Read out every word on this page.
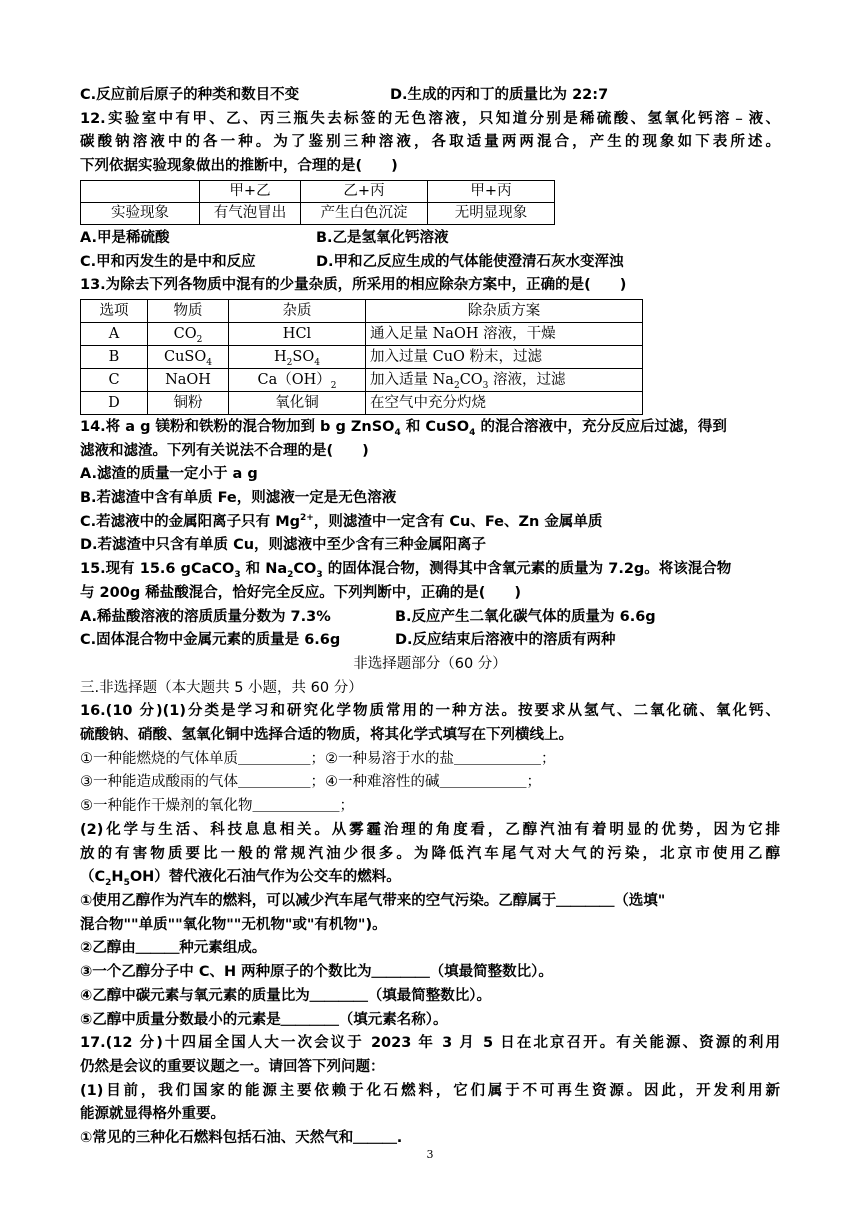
C.反应前后原子的种类和数目不变	D.生成的丙和丁的质量比为 22:7
12.实验室中有甲、乙、丙三瓶失去标签的无色溶液，只知道分别是稀硫酸、氢氧化钙溶﹣液、
碳酸钠溶液中的各一种。为了鉴别三种溶液，各取适量两两混合，产生的现象如下表所述。
下列依据实验现象做出的推断中，合理的是(　　)
	甲+乙	乙+丙	甲+丙
实验现象	有气泡冒出	产生白色沉淀	无明显现象
A.甲是稀硫酸	B.乙是氢氧化钙溶液
C.甲和丙发生的是中和反应	D.甲和乙反应生成的气体能使澄清石灰水变浑浊
13.为除去下列各物质中混有的少量杂质，所采用的相应除杂方案中，正确的是(　　)
选项	物质	杂质	除杂质方案
A	$CO_2$	HCl	通入足量 NaOH 溶液，干燥
B	CuSO$_4$	$H_2SO_4$	加入过量 CuO 粉末，过滤
C	NaOH	$Ca(OH)_2$	加入适量 $Na_2CO_3$ 溶液，过滤
D	铜粉	氧化铜	在空气中充分灼烧
14.将 a g 镁粉和铁粉的混合物加到 b g ZnSO$_4$ 和 CuSO$_4$ 的混合溶液中，充分反应后过滤，得到
滤液和滤渣。下列有关说法不合理的是(　　)
A.滤渣的质量一定小于 a g
B.若滤渣中含有单质 Fe，则滤液一定是无色溶液
C.若滤液中的金属阳离子只有 $Mg^{2+}$，则滤渣中一定含有 Cu、Fe、Zn 金属单质
D.若滤渣中只含有单质 Cu，则滤液中至少含有三种金属阳离子
15.现有 15.6 gCaCO$_3$ 和 $Na_2CO_3$ 的固体混合物，测得其中含氧元素的质量为 7.2g。将该混合物
与 200g 稀盐酸混合，恰好完全反应。下列判断中，正确的是(　　)
A.稀盐酸溶液的溶质质量分数为 7.3%	B.反应产生二氧化碳气体的质量为 6.6g
C.固体混合物中金属元素的质量是 6.6g	D.反应结束后溶液中的溶质有两种
非选择题部分（60 分）
三.非选择题（本大题共 5 小题，共 60 分）
16.(10 分)(1)分类是学习和研究化学物质常用的一种方法。按要求从氢气、二氧化硫、氧化钙、
硫酸钠、硝酸、氢氧化铜中选择合适的物质，将其化学式填写在下列横线上。
①一种能燃烧的气体单质＿＿＿＿＿；②一种易溶于水的盐＿＿＿＿＿＿；
③一种能造成酸雨的气体＿＿＿＿＿；④一种难溶性的碱＿＿＿＿＿＿；
⑤一种能作干燥剂的氧化物＿＿＿＿＿＿；
(2)化学与生活、科技息息相关。从雾霾治理的角度看，乙醇汽油有着明显的优势，因为它排
放的有害物质要比一般的常规汽油少很多。为降低汽车尾气对大气的污染，北京市使用乙醇
$(C_2H_5OH)$替代液化石油气作为公交车的燃料。
①使用乙醇作为汽车的燃料，可以减少汽车尾气带来的空气污染。乙醇属于＿＿＿＿（选填"
混合物""单质""氧化物""无机物"或"有机物")。
②乙醇由＿＿＿种元素组成。
③一个乙醇分子中 C、H 两种原子的个数比为＿＿＿＿（填最简整数比）。
④乙醇中碳元素与氧元素的质量比为＿＿＿＿（填最简整数比）。
⑤乙醇中质量分数最小的元素是＿＿＿＿（填元素名称）。
17.(12 分)十四届全国人大一次会议于 2023 年 3 月 5 日在北京召开。有关能源、资源的利用
仍然是会议的重要议题之一。请回答下列问题：
(1)目前，我们国家的能源主要依赖于化石燃料，它们属于不可再生资源。因此，开发利用新
能源就显得格外重要。
①常见的三种化石燃料包括石油、天然气和＿＿＿.
3
